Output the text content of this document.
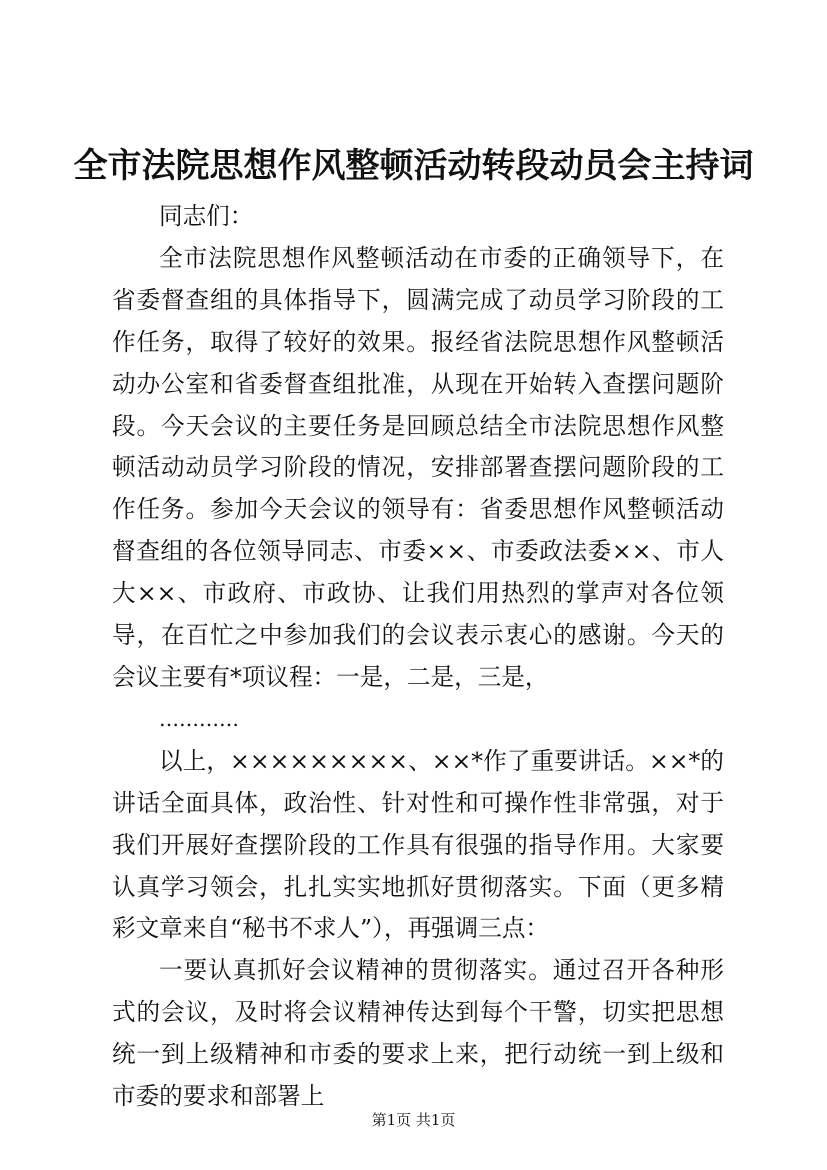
全市法院思想作风整顿活动转段动员会主持词

同志们：

全市法院思想作风整顿活动在市委的正确领导下，在省委督查组的具体指导下，圆满完成了动员学习阶段的工作任务，取得了较好的效果。报经省法院思想作风整顿活动办公室和省委督查组批准，从现在开始转入查摆问题阶段。今天会议的主要任务是回顾总结全市法院思想作风整顿活动动员学习阶段的情况，安排部署查摆问题阶段的工作任务。参加今天会议的领导有：省委思想作风整顿活动督查组的各位领导同志、市委××、市委政法委××、市人大××、市政府、市政协、让我们用热烈的掌声对各位领导，在百忙之中参加我们的会议表示衷心的感谢。今天的会议主要有*项议程：一是，二是，三是，

…………

以上，×××××××××、××*作了重要讲话。××*的讲话全面具体，政治性、针对性和可操作性非常强，对于我们开展好查摆阶段的工作具有很强的指导作用。大家要认真学习领会，扎扎实实地抓好贯彻落实。下面（更多精彩文章来自“秘书不求人”），再强调三点：

一要认真抓好会议精神的贯彻落实。通过召开各种形式的会议，及时将会议精神传达到每个干警，切实把思想统一到上级精神和市委的要求上来，把行动统一到上级和市委的要求和部署上

第1页 共1页
